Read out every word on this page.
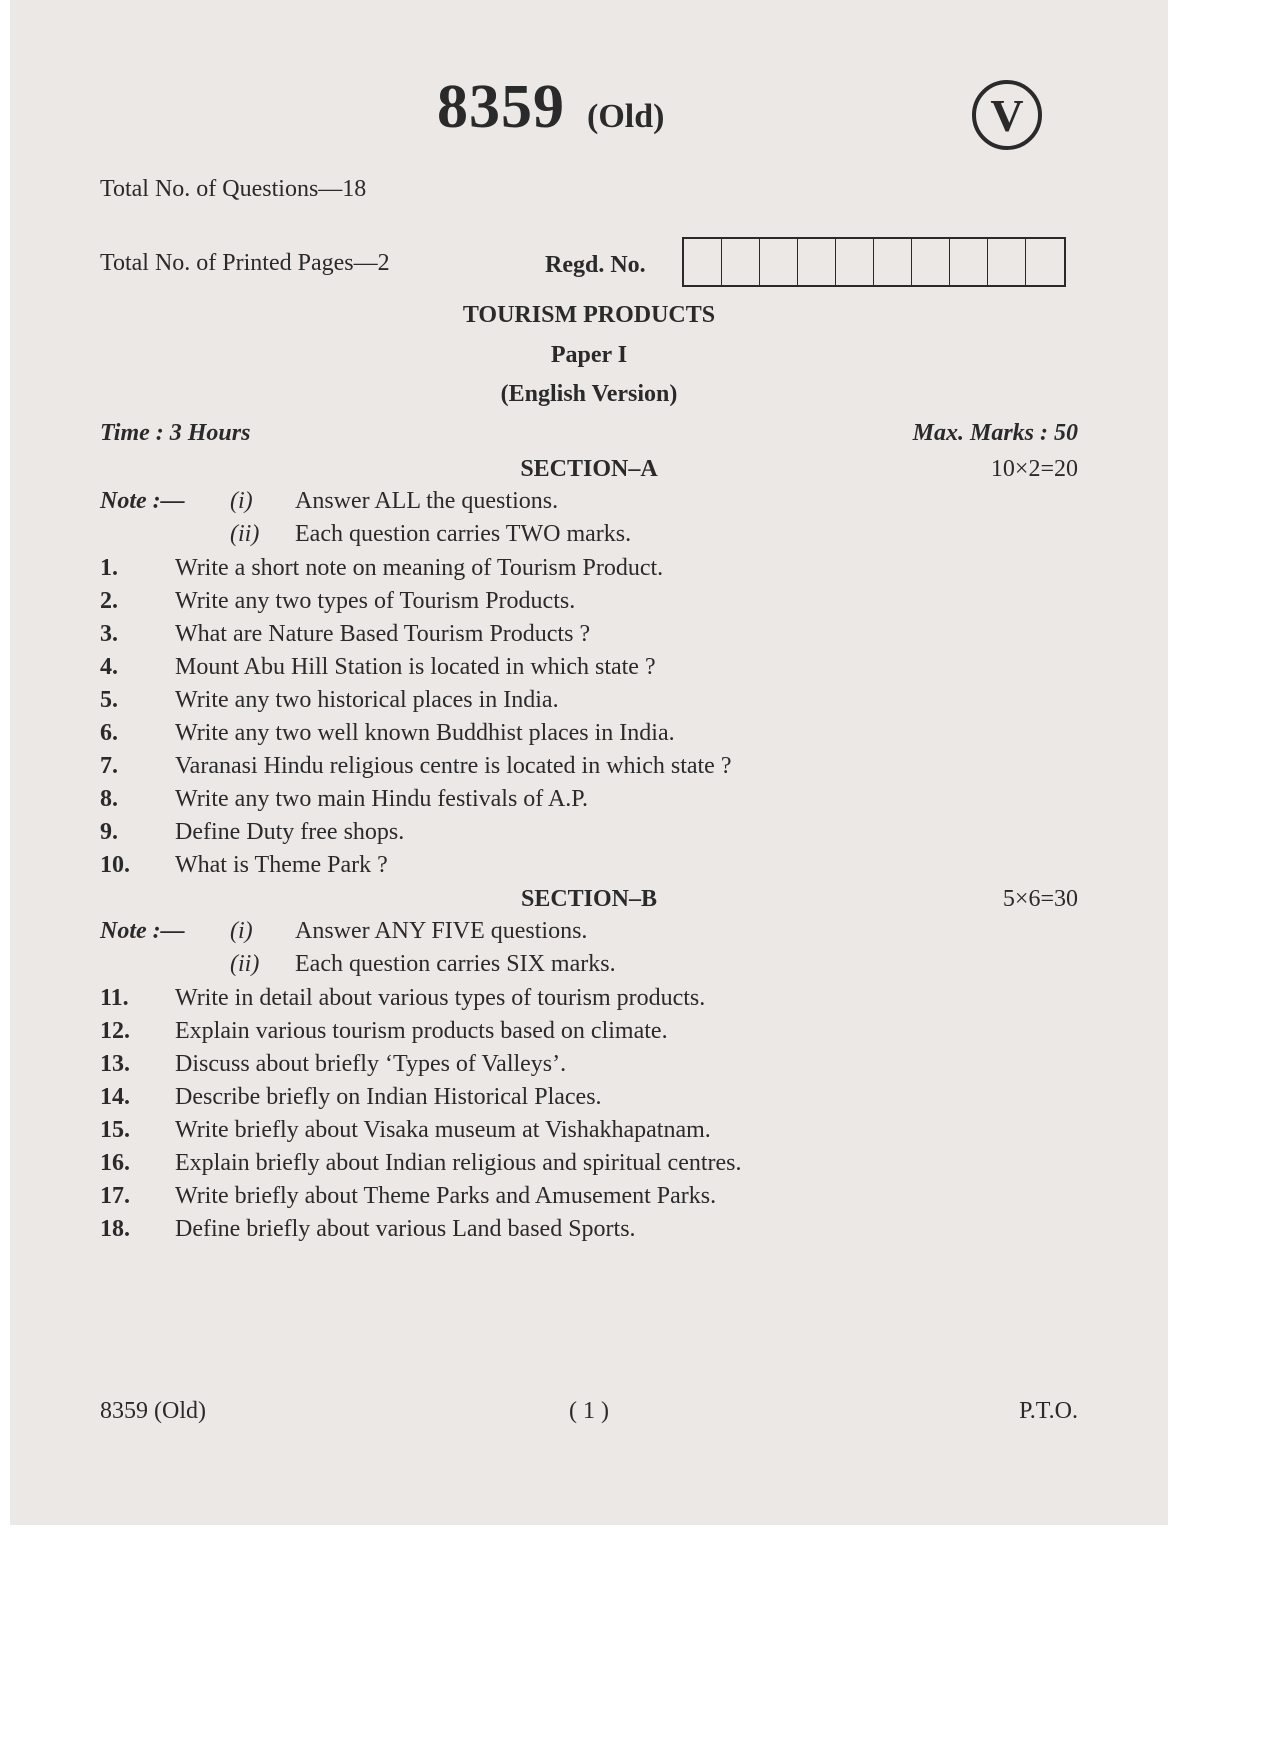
8359 (Old)	V
Total No. of Questions—18
Total No. of Printed Pages—2	Regd. No.
TOURISM PRODUCTS
Paper I
(English Version)
Time : 3 Hours	Max. Marks : 50
SECTION–A	10×2=20
Note :—	(i)	Answer ALL the questions.
(ii)	Each question carries TWO marks.
1.	Write a short note on meaning of Tourism Product.
2.	Write any two types of Tourism Products.
3.	What are Nature Based Tourism Products ?
4.	Mount Abu Hill Station is located in which state ?
5.	Write any two historical places in India.
6.	Write any two well known Buddhist places in India.
7.	Varanasi Hindu religious centre is located in which state ?
8.	Write any two main Hindu festivals of A.P.
9.	Define Duty free shops.
10.	What is Theme Park ?
SECTION–B	5×6=30
Note :—	(i)	Answer ANY FIVE questions.
(ii)	Each question carries SIX marks.
11.	Write in detail about various types of tourism products.
12.	Explain various tourism products based on climate.
13.	Discuss about briefly ‘Types of Valleys’.
14.	Describe briefly on Indian Historical Places.
15.	Write briefly about Visaka museum at Vishakhapatnam.
16.	Explain briefly about Indian religious and spiritual centres.
17.	Write briefly about Theme Parks and Amusement Parks.
18.	Define briefly about various Land based Sports.
8359 (Old)	( 1 )	P.T.O.
